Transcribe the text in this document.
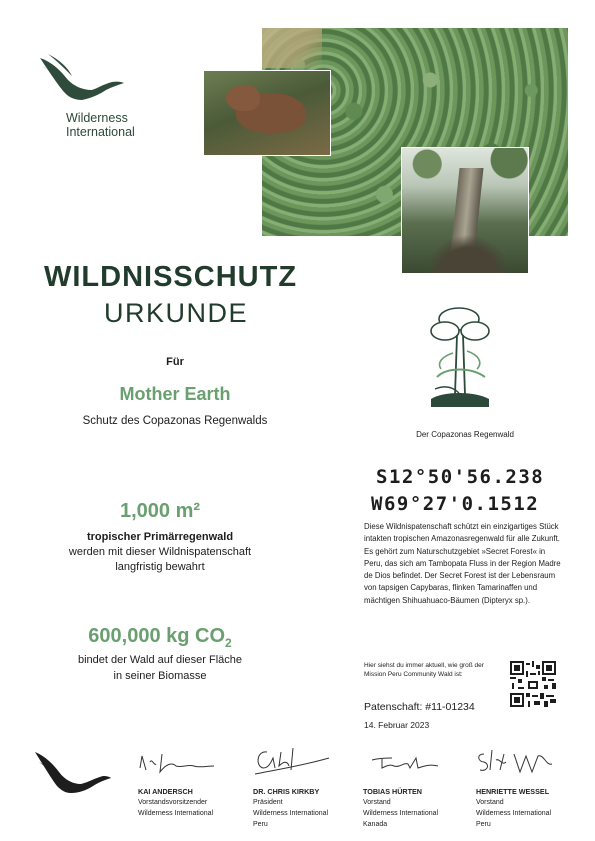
Wilderness
International
WILDNISSCHUTZ
URKUNDE
Für
Mother Earth
Schutz des Copazonas Regenwalds
Der Copazonas Regenwald
S12°50'56.238
W69°27'0.1512
Diese Wildnispatenschaft schützt ein einzigartiges Stück intakten tropischen Amazonasregenwald für alle Zukunft. Es gehört zum Naturschutzgebiet »Secret Forest« in Peru, das sich am Tambopata Fluss in der Region Madre de Dios befindet. Der Secret Forest ist der Lebensraum von tapsigen Capybaras, flinken Tamarinaffen und mächtigen Shihuahuaco-Bäumen (Dipteryx sp.).
Hier siehst du immer aktuell, wie groß der Mission Peru Community Wald ist:
Patenschaft: #11-01234
14. Februar 2023
1,000 m²
tropischer Primärregenwald
werden mit dieser Wildnispatenschaft
langfristig bewahrt
600,000 kg $CO_2$
bindet der Wald auf dieser Fläche
in seiner Biomasse
KAI ANDERSCH
Vorstandsvorsitzender
Wilderness International
DR. CHRIS KIRKBY
Präsident
Wilderness International
Peru
TOBIAS HÜRTEN
Vorstand
Wilderness International
Kanada
HENRIETTE WESSEL
Vorstand
Wilderness International
Peru
